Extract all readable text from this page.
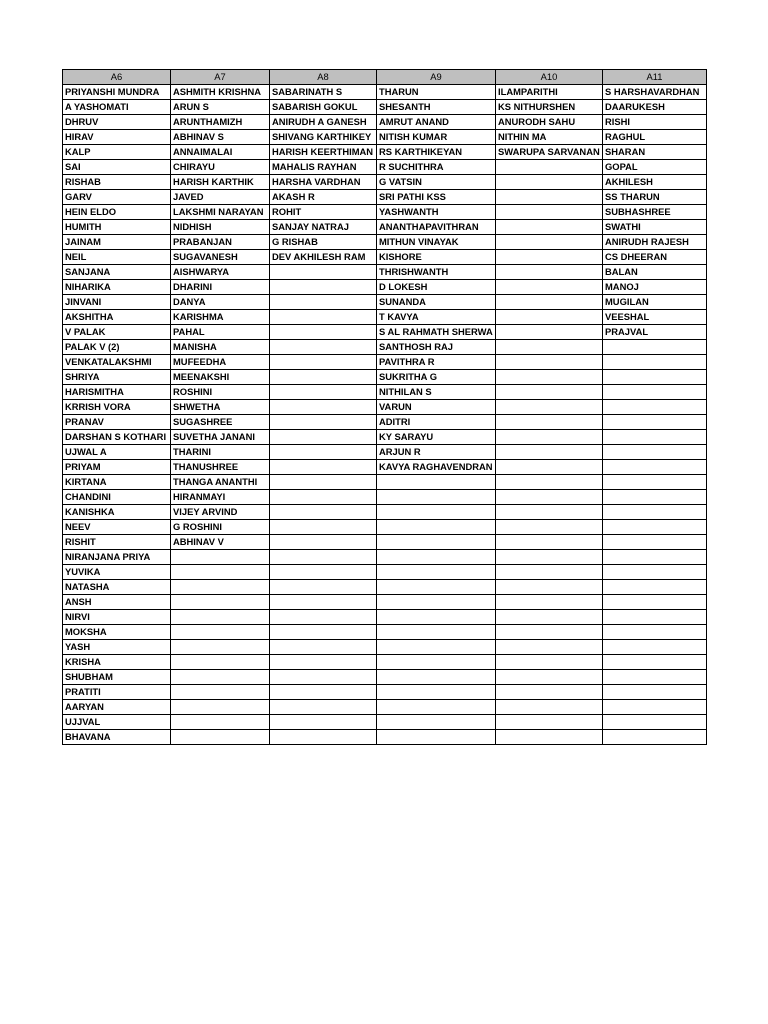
A6	A7	A8	A9	A10	A11
PRIYANSHI MUNDRA	ASHMITH KRISHNA	SABARINATH S	THARUN	ILAMPARITHI	S HARSHAVARDHAN
A YASHOMATI	ARUN S	SABARISH GOKUL	SHESANTH	KS NITHURSHEN	DAARUKESH
DHRUV	ARUNTHAMIZH	ANIRUDH A GANESH	AMRUT ANAND	ANURODH SAHU	RISHI
HIRAV	ABHINAV S	SHIVANG KARTHIKEY	NITISH KUMAR	NITHIN MA	RAGHUL
KALP	ANNAIMALAI	HARISH KEERTHIMAN	RS KARTHIKEYAN	SWARUPA SARVANAN	SHARAN
SAI	CHIRAYU	MAHALIS RAYHAN	R SUCHITHRA		GOPAL
RISHAB	HARISH KARTHIK	HARSHA VARDHAN	G VATSIN		AKHILESH
GARV	JAVED	AKASH R	SRI PATHI KSS		SS THARUN
HEIN ELDO	LAKSHMI NARAYAN	ROHIT	YASHWANTH		SUBHASHREE
HUMITH	NIDHISH	SANJAY NATRAJ	ANANTHAPAVITHRAN		SWATHI
JAINAM	PRABANJAN	G RISHAB	MITHUN VINAYAK		ANIRUDH RAJESH
NEIL	SUGAVANESH	DEV AKHILESH RAM	KISHORE		CS DHEERAN
SANJANA	AISHWARYA		THRISHWANTH		BALAN
NIHARIKA	DHARINI		D LOKESH		MANOJ
JINVANI	DANYA		SUNANDA		MUGILAN
AKSHITHA	KARISHMA		T KAVYA		VEESHAL
V PALAK	PAHAL		S AL RAHMATH SHERWA		PRAJVAL
PALAK V (2)	MANISHA		SANTHOSH RAJ		
VENKATALAKSHMI	MUFEEDHA		PAVITHRA R		
SHRIYA	MEENAKSHI		SUKRITHA G		
HARISMITHA	ROSHINI		NITHILAN S		
KRRISH VORA	SHWETHA		VARUN		
PRANAV	SUGASHREE		ADITRI		
DARSHAN S KOTHARI	SUVETHA JANANI		KY SARAYU		
UJWAL A	THARINI		ARJUN R		
PRIYAM	THANUSHREE		KAVYA RAGHAVENDRAN		
KIRTANA	THANGA ANANTHI				
CHANDINI	HIRANMAYI				
KANISHKA	VIJEY ARVIND				
NEEV	G ROSHINI				
RISHIT	ABHINAV V				
NIRANJANA PRIYA					
YUVIKA					
NATASHA					
ANSH					
NIRVI					
MOKSHA					
YASH					
KRISHA					
SHUBHAM					
PRATITI					
AARYAN					
UJJVAL					
BHAVANA					
